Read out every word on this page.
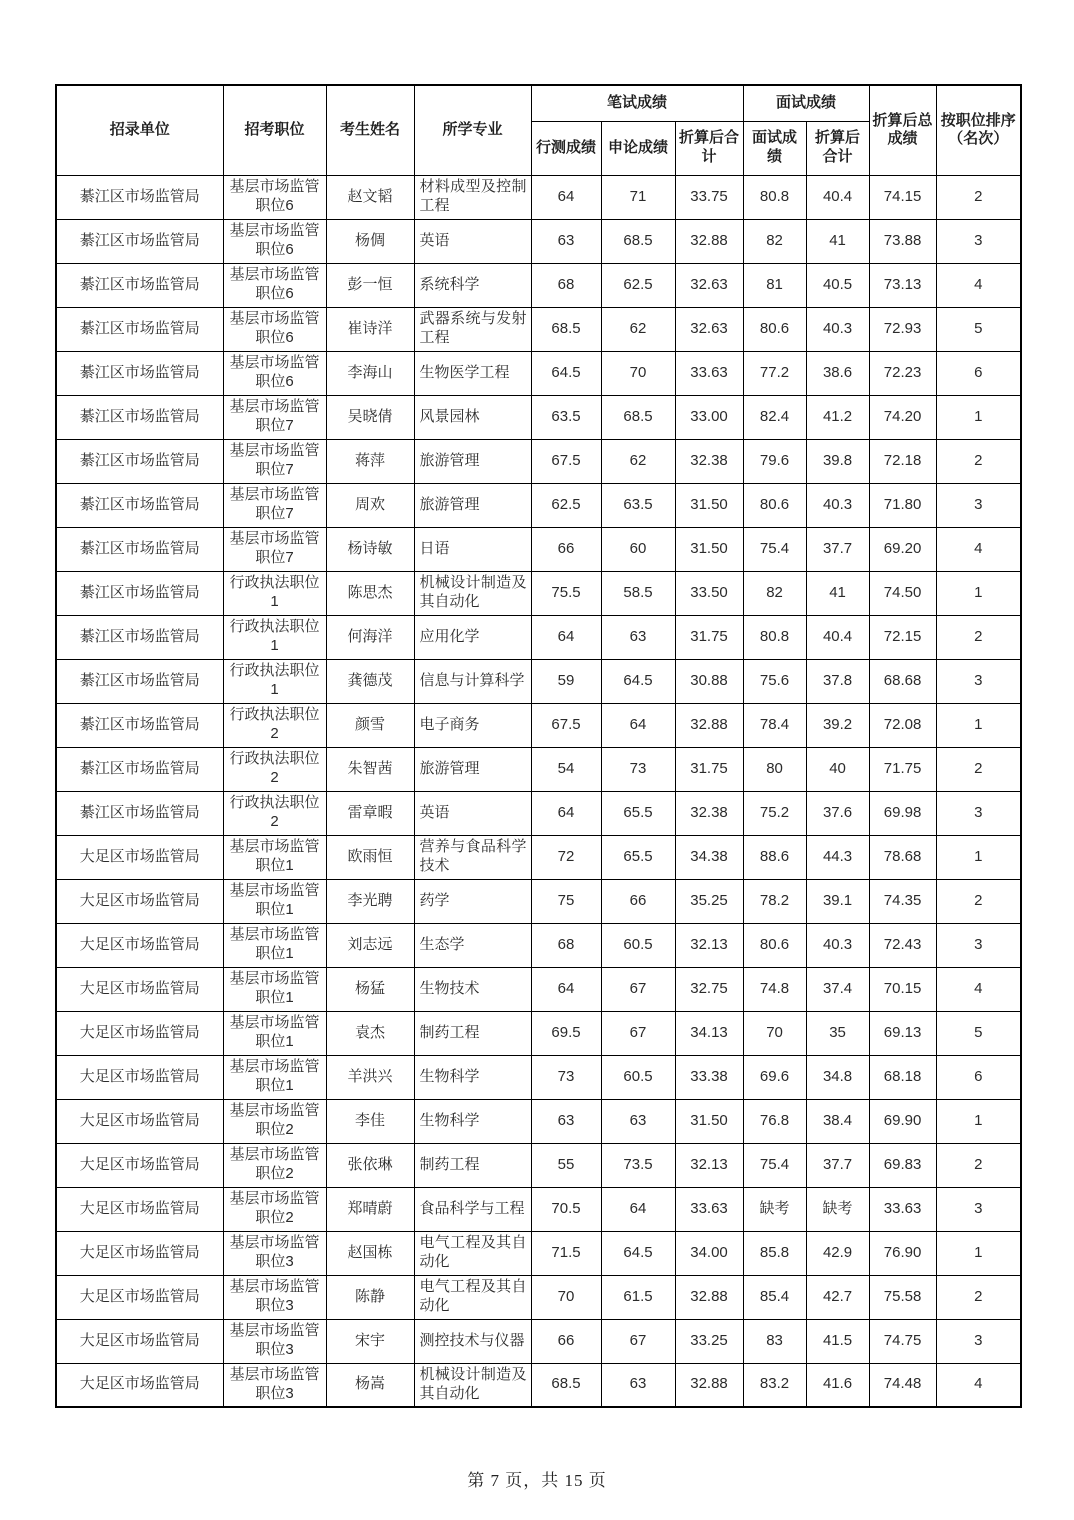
招录单位	招考职位	考生姓名	所学专业	笔试成绩			面试成绩		折算后总成绩	按职位排序（名次）
				行测成绩	申论成绩	折算后合计	面试成绩	折算后合计		
綦江区市场监管局	基层市场监管职位6	赵文韬	材料成型及控制工程	64	71	33.75	80.8	40.4	74.15	2
綦江区市场监管局	基层市场监管职位6	杨倜	英语	63	68.5	32.88	82	41	73.88	3
綦江区市场监管局	基层市场监管职位6	彭一恒	系统科学	68	62.5	32.63	81	40.5	73.13	4
綦江区市场监管局	基层市场监管职位6	崔诗洋	武器系统与发射工程	68.5	62	32.63	80.6	40.3	72.93	5
綦江区市场监管局	基层市场监管职位6	李海山	生物医学工程	64.5	70	33.63	77.2	38.6	72.23	6
綦江区市场监管局	基层市场监管职位7	吴晓倩	风景园林	63.5	68.5	33.00	82.4	41.2	74.20	1
綦江区市场监管局	基层市场监管职位7	蒋萍	旅游管理	67.5	62	32.38	79.6	39.8	72.18	2
綦江区市场监管局	基层市场监管职位7	周欢	旅游管理	62.5	63.5	31.50	80.6	40.3	71.80	3
綦江区市场监管局	基层市场监管职位7	杨诗敏	日语	66	60	31.50	75.4	37.7	69.20	4
綦江区市场监管局	行政执法职位1	陈思杰	机械设计制造及其自动化	75.5	58.5	33.50	82	41	74.50	1
綦江区市场监管局	行政执法职位1	何海洋	应用化学	64	63	31.75	80.8	40.4	72.15	2
綦江区市场监管局	行政执法职位1	龚德茂	信息与计算科学	59	64.5	30.88	75.6	37.8	68.68	3
綦江区市场监管局	行政执法职位2	颜雪	电子商务	67.5	64	32.88	78.4	39.2	72.08	1
綦江区市场监管局	行政执法职位2	朱智茜	旅游管理	54	73	31.75	80	40	71.75	2
綦江区市场监管局	行政执法职位2	雷章暇	英语	64	65.5	32.38	75.2	37.6	69.98	3
大足区市场监管局	基层市场监管职位1	欧雨恒	营养与食品科学技术	72	65.5	34.38	88.6	44.3	78.68	1
大足区市场监管局	基层市场监管职位1	李光聘	药学	75	66	35.25	78.2	39.1	74.35	2
大足区市场监管局	基层市场监管职位1	刘志远	生态学	68	60.5	32.13	80.6	40.3	72.43	3
大足区市场监管局	基层市场监管职位1	杨猛	生物技术	64	67	32.75	74.8	37.4	70.15	4
大足区市场监管局	基层市场监管职位1	袁杰	制药工程	69.5	67	34.13	70	35	69.13	5
大足区市场监管局	基层市场监管职位1	羊洪兴	生物科学	73	60.5	33.38	69.6	34.8	68.18	6
大足区市场监管局	基层市场监管职位2	李佳	生物科学	63	63	31.50	76.8	38.4	69.90	1
大足区市场监管局	基层市场监管职位2	张依琳	制药工程	55	73.5	32.13	75.4	37.7	69.83	2
大足区市场监管局	基层市场监管职位2	郑晴蔚	食品科学与工程	70.5	64	33.63	缺考	缺考	33.63	3
大足区市场监管局	基层市场监管职位3	赵国栋	电气工程及其自动化	71.5	64.5	34.00	85.8	42.9	76.90	1
大足区市场监管局	基层市场监管职位3	陈静	电气工程及其自动化	70	61.5	32.88	85.4	42.7	75.58	2
大足区市场监管局	基层市场监管职位3	宋宇	测控技术与仪器	66	67	33.25	83	41.5	74.75	3
大足区市场监管局	基层市场监管职位3	杨嵩	机械设计制造及其自动化	68.5	63	32.88	83.2	41.6	74.48	4
第 7 页，共 15 页
